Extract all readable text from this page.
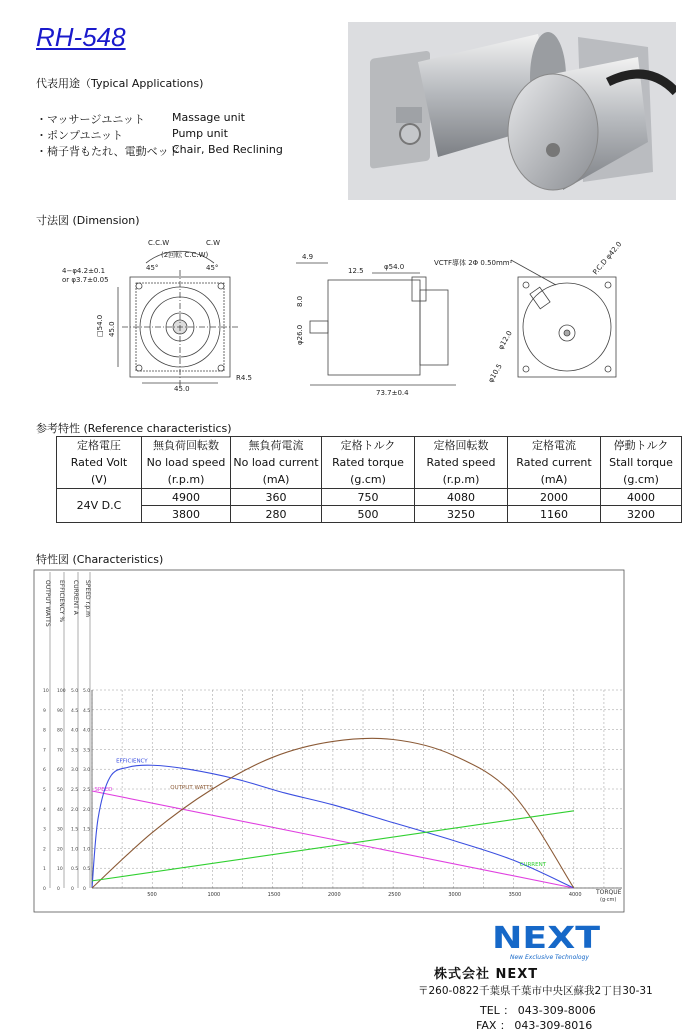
RH-548
代表用途（Typical Applications)
・マッサージユニット Massage unit
・ポンプユニット	Pump unit
・椅子背もたれ、電動ベッド
Chair, Bed Reclining
寸法図 (Dimension)
C.C.W	C.W
(2回転 C.C.W)
45°	45°
4−φ4.2±0.1
or φ3.7±0.05
□54.0 45.0
45.0
R4.5
4.9
12.5	φ54.0
8.0
φ26.0
73.7±0.4
VCTF導体 2Φ 0.50mm²	P.C.D φ42.0
φ12.0
φ10.5
参考特性 (Reference characteristics)
定格電圧
Rated Volt
(V)	無負荷回転数
No load speed
(r.p.m)	無負荷電流
No load current
(mA)	定格トルク
Rated torque
(g.cm)	定格回転数
Rated speed
(r.p.m)	定格電流
Rated current
(mA)	停動トルク
Stall torque
(g.cm)
24V D.C	4900	360	750	4080	2000	4000
	3800	280	500	3250	1160	3200
特性図 (Characteristics)
OUTPUT WATTS
10
9
8
7
6
5
4
3
2
1
0
EFFICIENCY %
100
90
80
70
60
50
40
30
20
10
0
CURRENT A
5.0
4.5
4.0
3.5
3.0
2.5
2.0
1.5
1.0
0.5
0
SPEED r.p.m
5.0
4.5
4.0
3.5
3.0
2.5
2.0
1.5
1.0
0.5
0
500	1000	1500	2000	2500	3000	3500	4000 TORQUE
(g·cm)
SPEED
EFFICIENCY
OUTPUT WATTS
CURRENT
NEXT
New Exclusive Technology
株式会社 NEXT
〒260-0822千葉県千葉市中央区蘇我2丁目30-31
TEL ： 043-309-8006
FAX ： 043-309-8016
